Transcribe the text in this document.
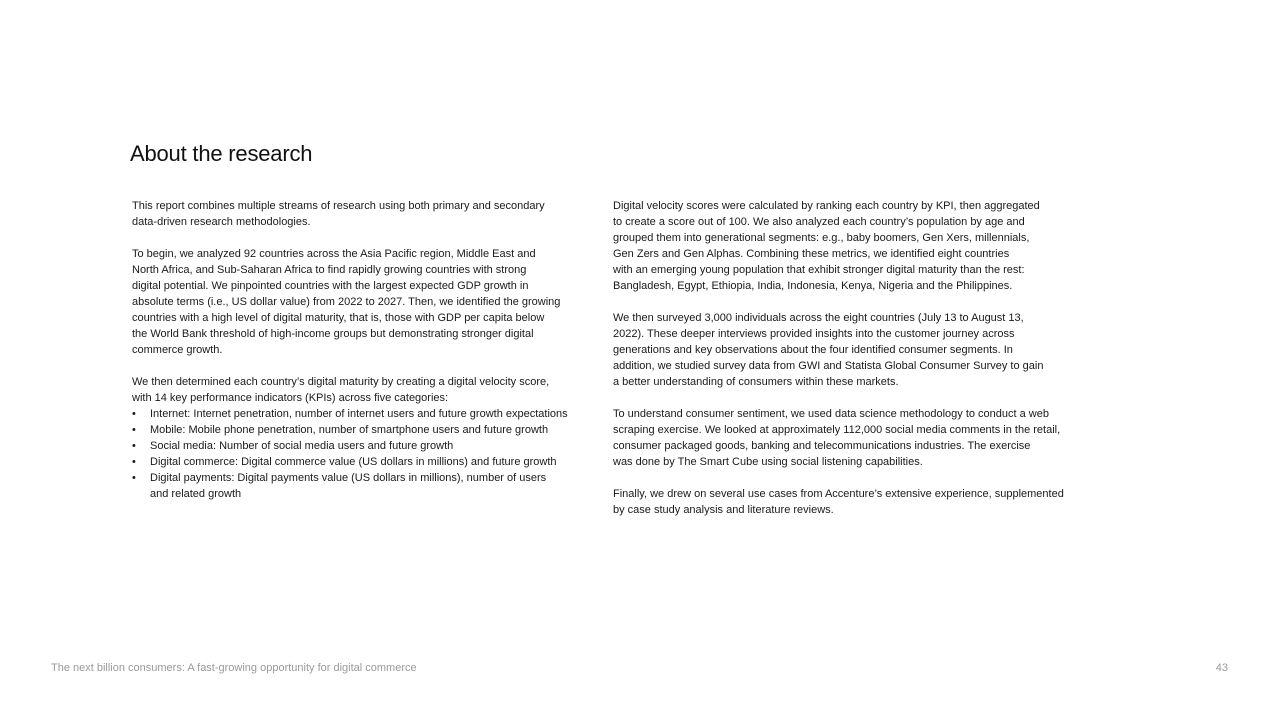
About the research

This report combines multiple streams of research using both primary and secondary
data-driven research methodologies.

To begin, we analyzed 92 countries across the Asia Pacific region, Middle East and
North Africa, and Sub-Saharan Africa to find rapidly growing countries with strong
digital potential. We pinpointed countries with the largest expected GDP growth in
absolute terms (i.e., US dollar value) from 2022 to 2027. Then, we identified the growing
countries with a high level of digital maturity, that is, those with GDP per capita below
the World Bank threshold of high-income groups but demonstrating stronger digital
commerce growth.

We then determined each country’s digital maturity by creating a digital velocity score,
with 14 key performance indicators (KPIs) across five categories:

• Internet: Internet penetration, number of internet users and future growth expectations
• Mobile: Mobile phone penetration, number of smartphone users and future growth
• Social media: Number of social media users and future growth
• Digital commerce: Digital commerce value (US dollars in millions) and future growth
• Digital payments: Digital payments value (US dollars in millions), number of users
and related growth

Digital velocity scores were calculated by ranking each country by KPI, then aggregated
to create a score out of 100. We also analyzed each country’s population by age and
grouped them into generational segments: e.g., baby boomers, Gen Xers, millennials,
Gen Zers and Gen Alphas. Combining these metrics, we identified eight countries
with an emerging young population that exhibit stronger digital maturity than the rest:
Bangladesh, Egypt, Ethiopia, India, Indonesia, Kenya, Nigeria and the Philippines.

We then surveyed 3,000 individuals across the eight countries (July 13 to August 13,
2022). These deeper interviews provided insights into the customer journey across
generations and key observations about the four identified consumer segments. In
addition, we studied survey data from GWI and Statista Global Consumer Survey to gain
a better understanding of consumers within these markets.

To understand consumer sentiment, we used data science methodology to conduct a web
scraping exercise. We looked at approximately 112,000 social media comments in the retail,
consumer packaged goods, banking and telecommunications industries. The exercise
was done by The Smart Cube using social listening capabilities.

Finally, we drew on several use cases from Accenture’s extensive experience, supplemented
by case study analysis and literature reviews.

The next billion consumers: A fast-growing opportunity for digital commerce	43
